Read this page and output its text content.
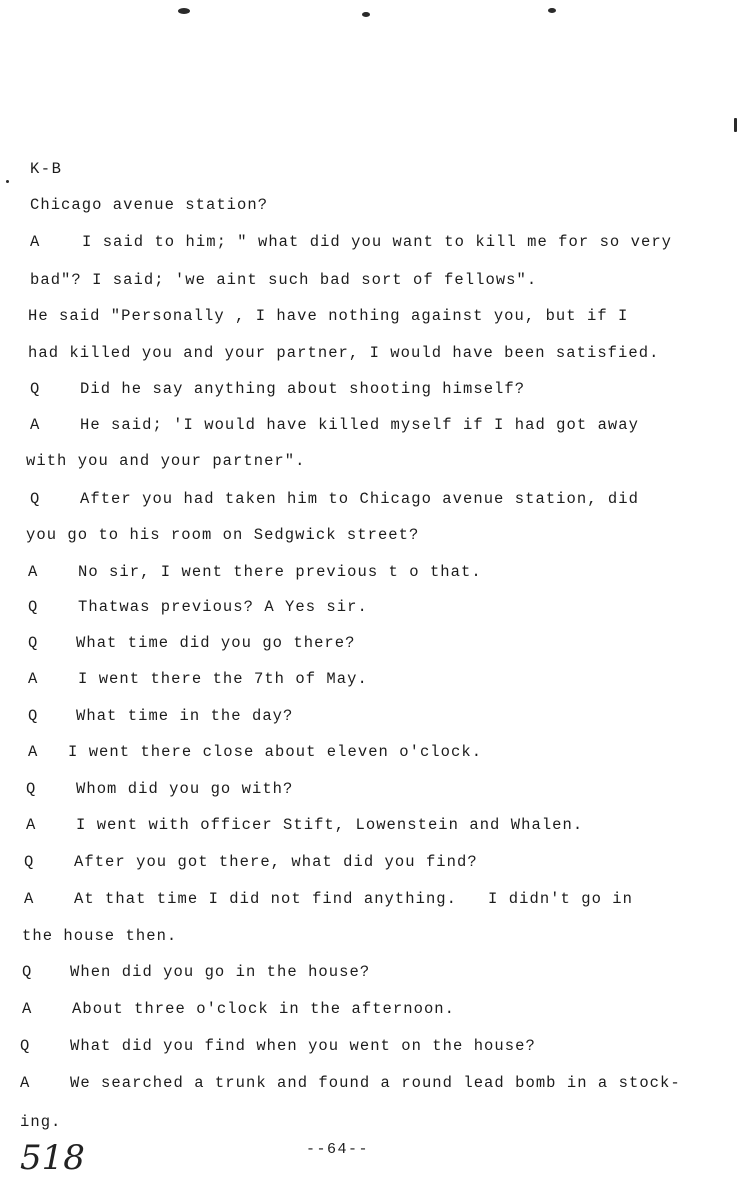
K-B
Chicago avenue station?
A	I said to him; " what did you want to kill me for so very
bad"? I said; 'we aint such bad sort of fellows".
He said "Personally , I have nothing against you, but if I
had killed you and your partner, I would have been satisfied.
Q	Did he say anything about shooting himself?
A	He said; 'I would have killed myself if I had got away
with you and your partner".
Q	After you had taken him to Chicago avenue station, did
you go to his room on Sedgwick street?
A	No sir, I went there previous t o that.
Q	Thatwas previous? A Yes sir.
Q What time did you go there?
A	I went there the 7th of May.
Q What time in the day?
A I went there close about eleven o'clock.
Q	Whom did you go with?
A	I went with officer Stift, Lowenstein and Whalen.
Q	After you got there, what did you find?
A	At that time I did not find anything.   I didn't go in
the house then.
Q When did you go in the house?
A	About three o'clock in the afternoon.
Q	What did you find when you went on the house?
A	We searched a trunk and found a round lead bomb in a stock-
ing.
518	--64--
